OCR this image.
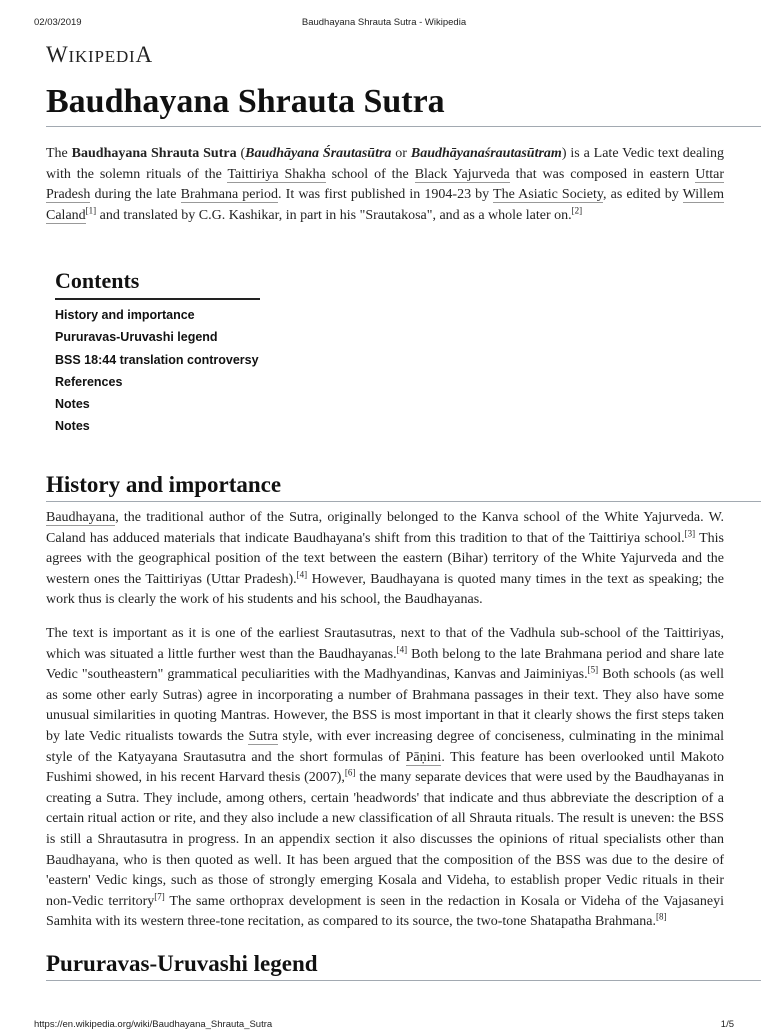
02/03/2019	Baudhayana Shrauta Sutra - Wikipedia
WIKIPEDIA
Baudhayana Shrauta Sutra

The Baudhayana Shrauta Sutra (Baudhāyana Śrautasūtra or Baudhāyanaśrautasūtram) is a Late Vedic text dealing with the solemn rituals of the Taittiriya Shakha school of the Black Yajurveda that was composed in eastern Uttar Pradesh during the late Brahmana period. It was first published in 1904-23 by The Asiatic Society, as edited by Willem Caland[1] and translated by C.G. Kashikar, in part in his "Srautakosa", and as a whole later on.[2]

Contents
History and importance
Pururavas-Uruvashi legend
BSS 18:44 translation controversy
References
Notes
Notes
History and importance

Baudhayana, the traditional author of the Sutra, originally belonged to the Kanva school of the White Yajurveda. W. Caland has adduced materials that indicate Baudhayana's shift from this tradition to that of the Taittiriya school.[3] This agrees with the geographical position of the text between the eastern (Bihar) territory of the White Yajurveda and the western ones the Taittiriyas (Uttar Pradesh).[4] However, Baudhayana is quoted many times in the text as speaking; the work thus is clearly the work of his students and his school, the Baudhayanas.

The text is important as it is one of the earliest Srautasutras, next to that of the Vadhula sub-school of the Taittiriyas, which was situated a little further west than the Baudhayanas.[4] Both belong to the late Brahmana period and share late Vedic "southeastern" grammatical peculiarities with the Madhyandinas, Kanvas and Jaiminiyas.[5] Both schools (as well as some other early Sutras) agree in incorporating a number of Brahmana passages in their text. They also have some unusual similarities in quoting Mantras. However, the BSS is most important in that it clearly shows the first steps taken by late Vedic ritualists towards the Sutra style, with ever increasing degree of conciseness, culminating in the minimal style of the Katyayana Srautasutra and the short formulas of Pāṇini. This feature has been overlooked until Makoto Fushimi showed, in his recent Harvard thesis (2007),[6] the many separate devices that were used by the Baudhayanas in creating a Sutra. They include, among others, certain 'headwords' that indicate and thus abbreviate the description of a certain ritual action or rite, and they also include a new classification of all Shrauta rituals. The result is uneven: the BSS is still a Shrautasutra in progress. In an appendix section it also discusses the opinions of ritual specialists other than Baudhayana, who is then quoted as well. It has been argued that the composition of the BSS was due to the desire of 'eastern' Vedic kings, such as those of strongly emerging Kosala and Videha, to establish proper Vedic rituals in their non-Vedic territory[7] The same orthoprax development is seen in the redaction in Kosala or Videha of the Vajasaneyi Samhita with its western three-tone recitation, as compared to its source, the two-tone Shatapatha Brahmana.[8]

Pururavas-Uruvashi legend
https://en.wikipedia.org/wiki/Baudhayana_Shrauta_Sutra	1/5
